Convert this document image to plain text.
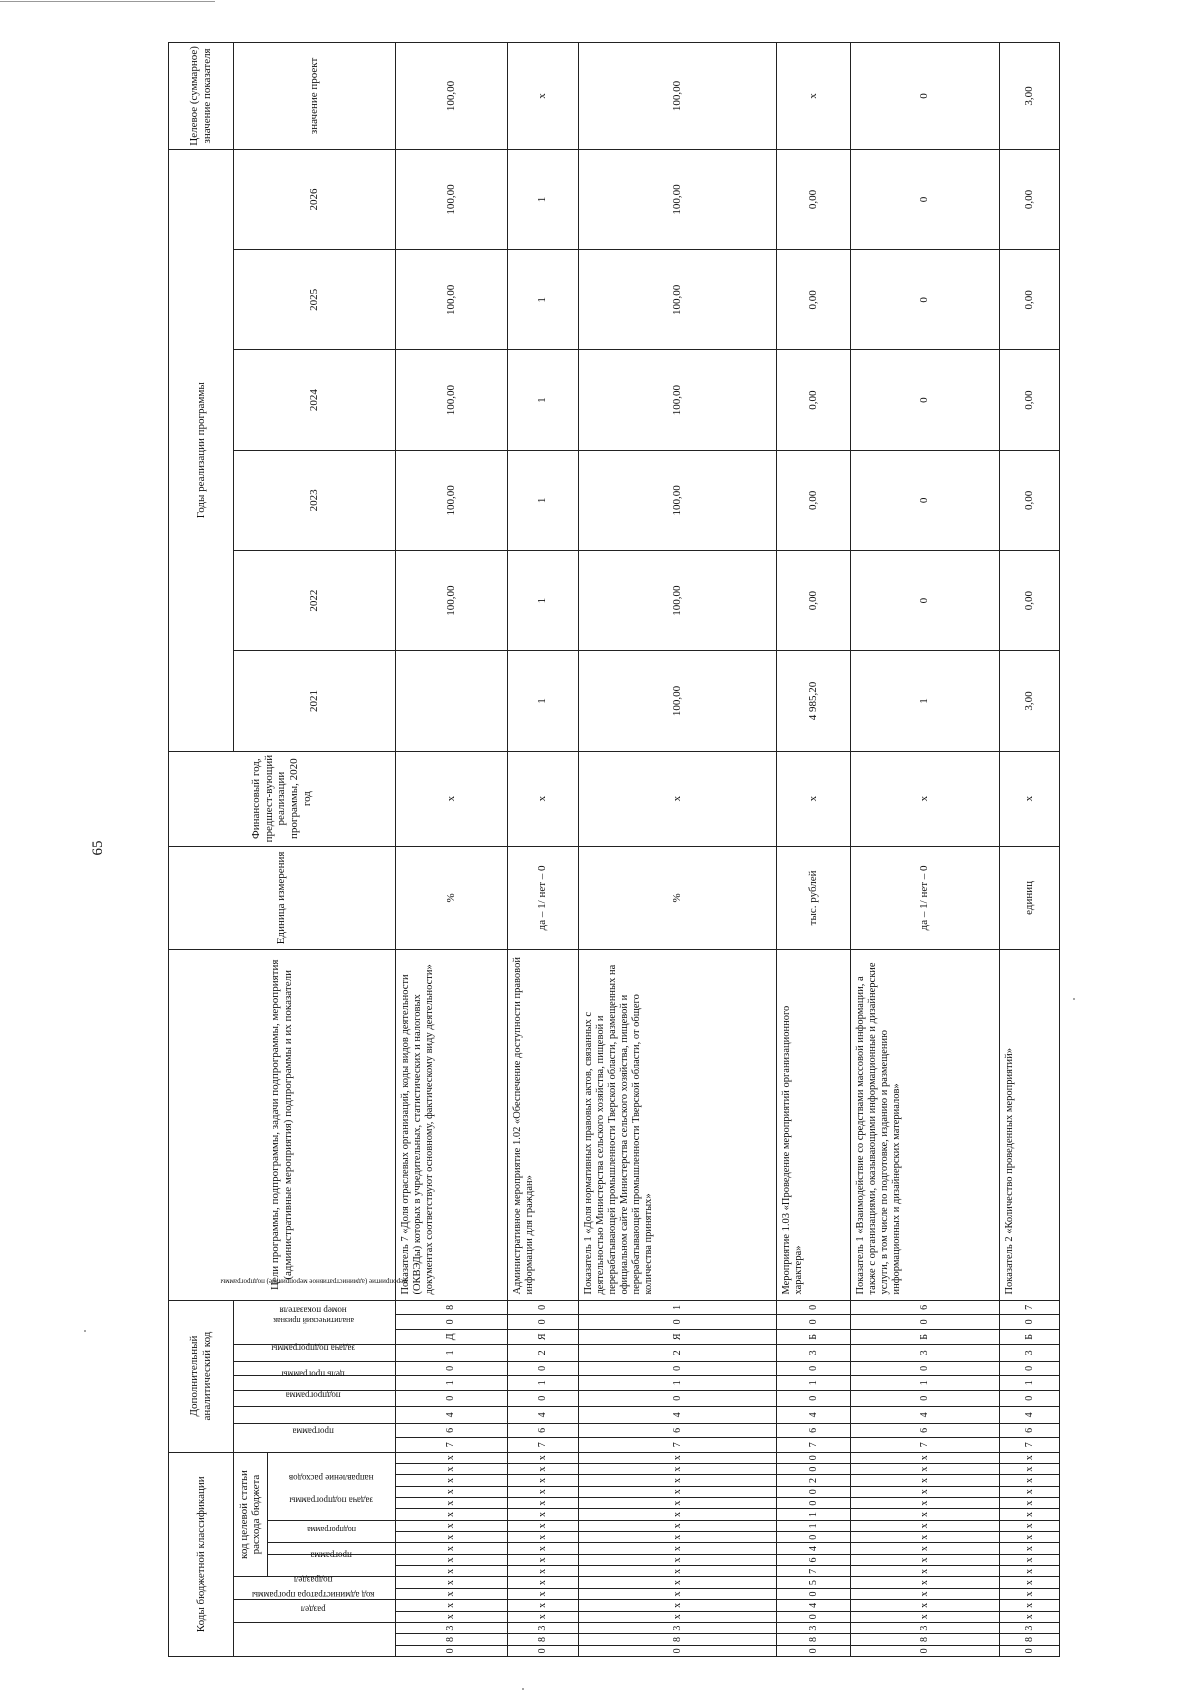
65
Коды бюджетной классификации																		Дополнительный аналитический код										Цели программы, подпрограммы, задачи подпрограммы, мероприятия (административные мероприятия) подпрограммы и их показатели	Единица измерения	Финансовый год, предшест-вующий реализации программы, 2020 год	Годы реализации программы						Целевое (суммарное) значение показателя
код администратора программы			раздел		подраздел		код целевой статьи расхода бюджета											программа		подпрограмма	цель программы	задача подпрограммы	мероприятие (административное мероприятие) подпрограммы	аналитический признак	номер показателя						2021	2022	2023	2024	2025	2026	значение проект
							программа		подпрограмма	задача подпрограммы		направление расходов																									
0	8	3	х	х	х	х	х	х	х	х	х	х	х	х	х	х	х	7	6	4	0	1	0	1	Д	0	8	Показатель 7 «Доля отраслевых организаций, коды видов деятельности (ОКВЭДы) которых в учредительных, статистических и налоговых документах соответствуют основному, фактическому виду деятельности»	%	х		100,00	100,00	100,00	100,00	100,00	100,00
0	8	3	х	х	х	х	х	х	х	х	х	х	х	х	х	х	х	7	6	4	0	1	0	2	Я	0	0	Административное мероприятие 1.02 «Обеспечение доступности правовой информации для граждан»	да – 1/ нет – 0	х	1	1	1	1	1	1	х
0	8	3	х	х	х	х	х	х	х	х	х	х	х	х	х	х	х	7	6	4	0	1	0	2	Я	0	1	Показатель 1 «Доля нормативных правовых актов, связанных с деятельностью Министерства сельского хозяйства, пищевой и перерабатывающей промышленности Тверской области, размещенных на официальном сайте Министерства сельского хозяйства, пищевой и перерабатывающей промышленности Тверской области, от общего количества принятых»	%	х	100,00	100,00	100,00	100,00	100,00	100,00	100,00
0	8	3	0	4	0	5	7	6	4	0	1	1	0	0	2	0	0	7	6	4	0	1	0	3	Б	0	0	Мероприятие 1.03 «Проведение мероприятий организационного характера»	тыс. рублей	х	4 985,20	0,00	0,00	0,00	0,00	0,00	х
0	8	3	х	х	х	х	х	х	х	х	х	х	х	х	х	х	х	7	6	4	0	1	0	3	Б	0	6	Показатель 1 «Взаимодействие со средствами массовой информации, а также с организациями, оказывающими информационные и дизайнерские услуги, в том числе по подготовке, изданию и размещению информационных и дизайнерских материалов»	да – 1/ нет – 0	х	1	0	0	0	0	0	0
0	8	3	х	х	х	х	х	х	х	х	х	х	х	х	х	х	х	7	6	4	0	1	0	3	Б	0	7	Показатель 2 «Количество проведенных мероприятий»	единиц	х	3,00	0,00	0,00	0,00	0,00	0,00	3,00
